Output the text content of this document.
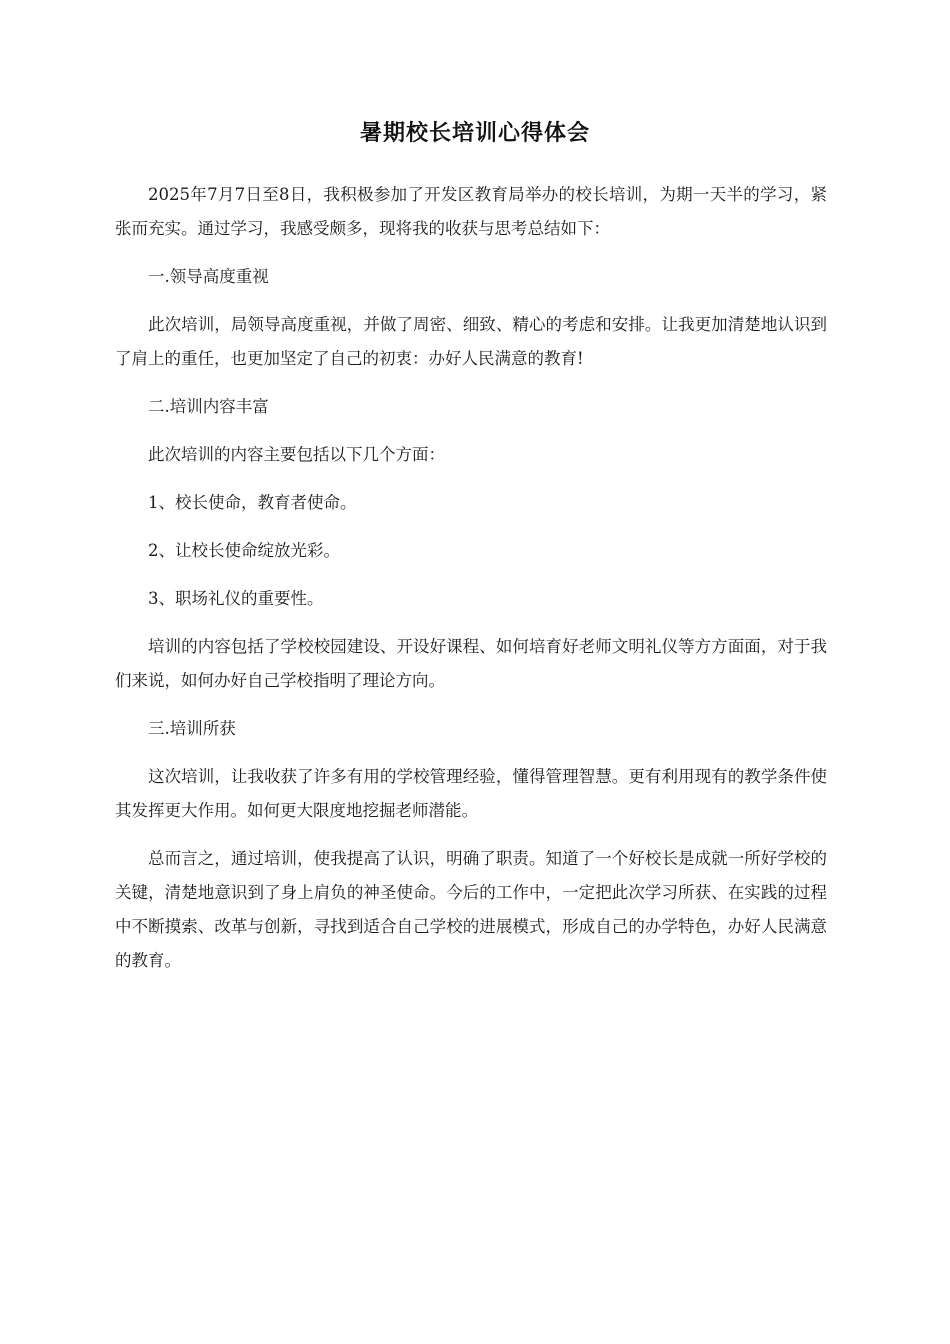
暑期校长培训心得体会

2025年7月7日至8日，我积极参加了开发区教育局举办的校长培训，为期一天半的学习，紧张而充实。通过学习，我感受颇多，现将我的收获与思考总结如下：

一.领导高度重视

此次培训，局领导高度重视，并做了周密、细致、精心的考虑和安排。让我更加清楚地认识到了肩上的重任，也更加坚定了自己的初衷：办好人民满意的教育!

二.培训内容丰富

此次培训的内容主要包括以下几个方面：

1、校长使命，教育者使命。

2、让校长使命绽放光彩。

3、职场礼仪的重要性。

培训的内容包括了学校校园建设、开设好课程、如何培育好老师文明礼仪等方方面面，对于我们来说，如何办好自己学校指明了理论方向。

三.培训所获

这次培训，让我收获了许多有用的学校管理经验，懂得管理智慧。更有利用现有的教学条件使其发挥更大作用。如何更大限度地挖掘老师潜能。

总而言之，通过培训，使我提高了认识，明确了职责。知道了一个好校长是成就一所好学校的关键，清楚地意识到了身上肩负的神圣使命。今后的工作中，一定把此次学习所获、在实践的过程中不断摸索、改革与创新，寻找到适合自己学校的进展模式，形成自己的办学特色，办好人民满意的教育。
